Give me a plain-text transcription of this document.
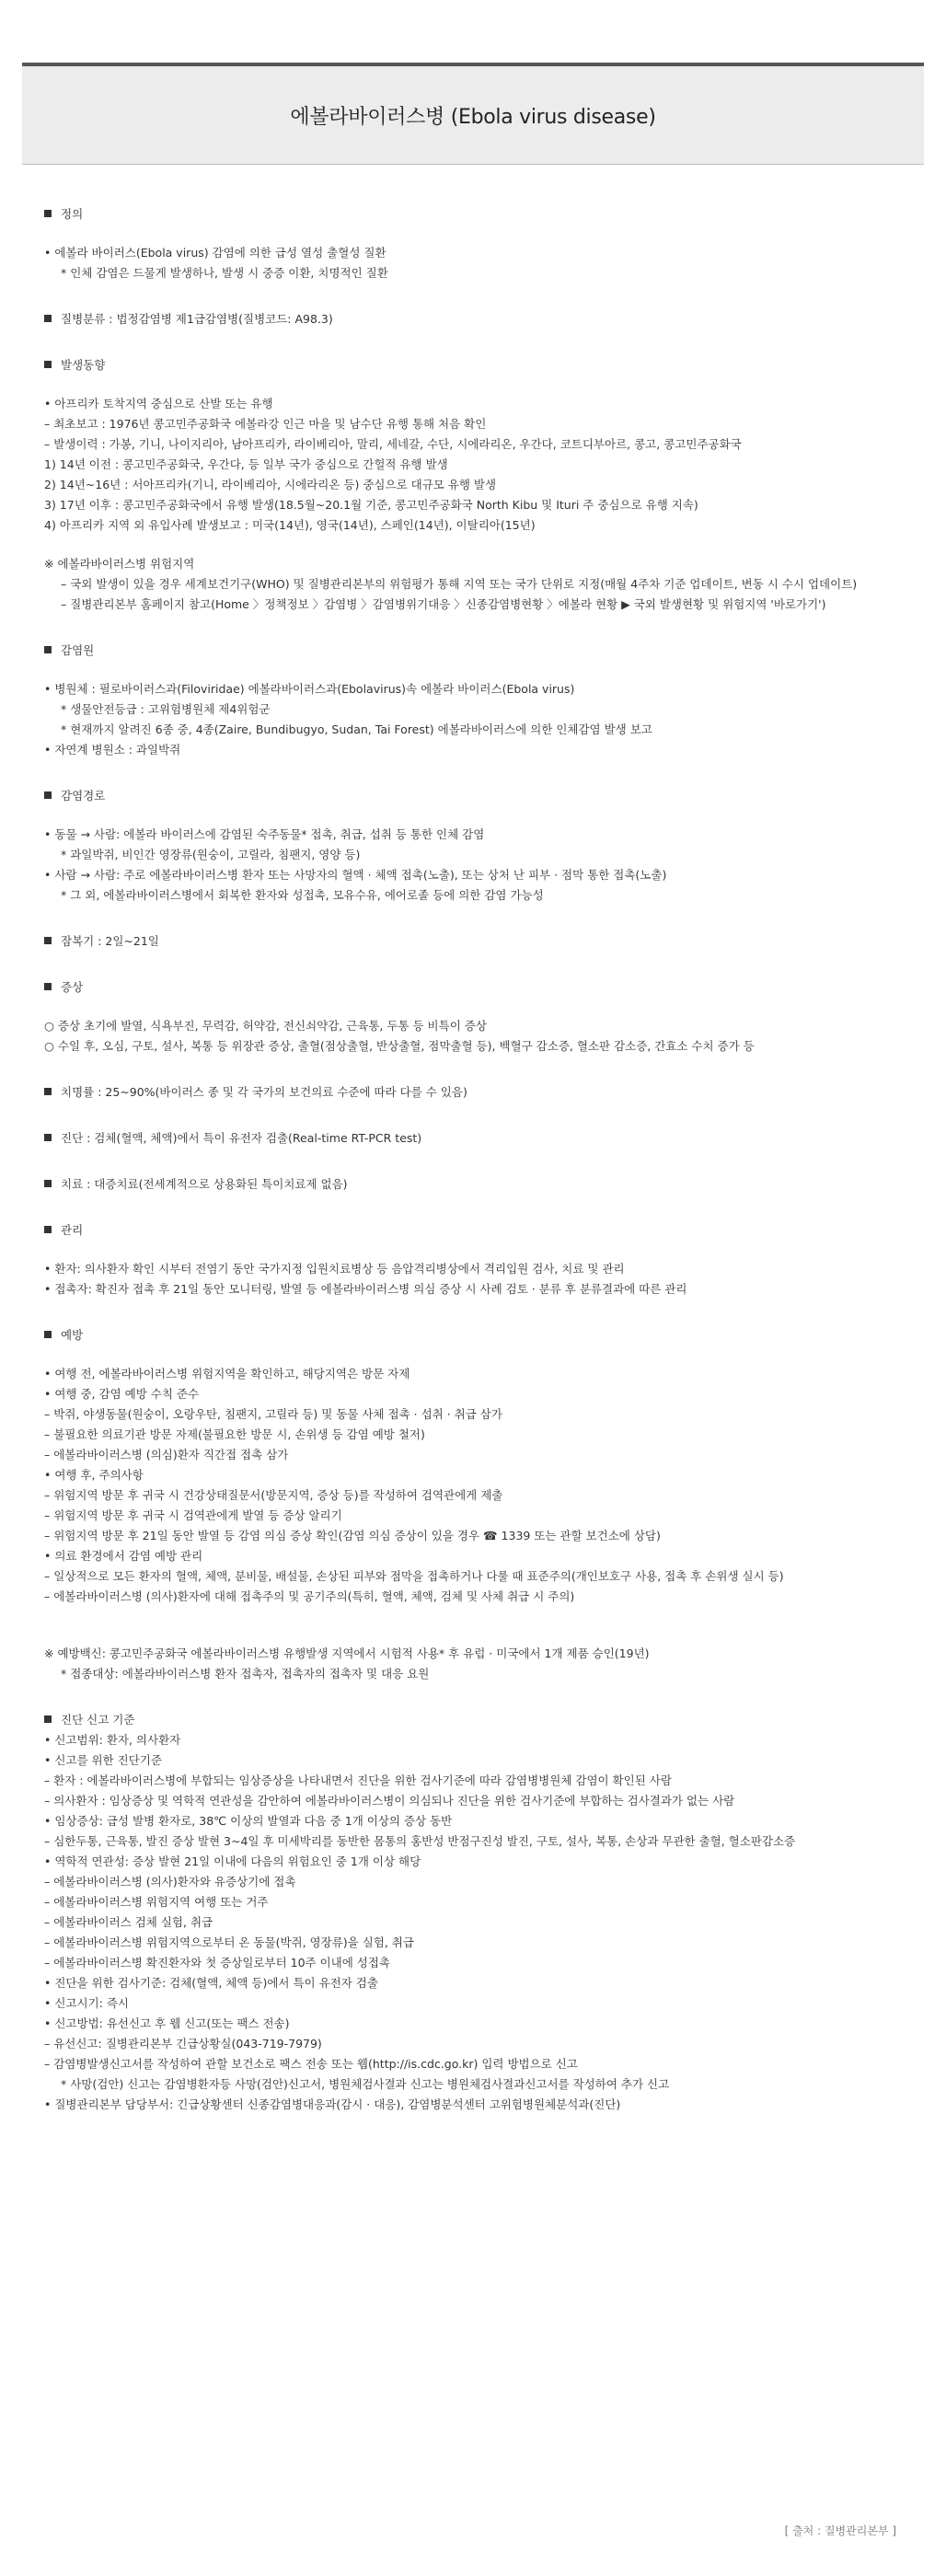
에볼라바이러스병 (Ebola virus disease)
정의
• 에볼라 바이러스(Ebola virus) 감염에 의한 급성 열성 출혈성 질환
* 인체 감염은 드물게 발생하나, 발생 시 중증 이환, 치명적인 질환
질병분류 : 법정감염병 제1급감염병(질병코드: A98.3)
발생동향
• 아프리카 토착지역 중심으로 산발 또는 유행
– 최초보고 : 1976년 콩고민주공화국 에볼라강 인근 마을 및 남수단 유행 통해 처음 확인
– 발생이력 : 가봉, 기니, 나이지리아, 남아프리카, 라이베리아, 말리, 세네갈, 수단, 시에라리온, 우간다, 코트디부아르, 콩고, 콩고민주공화국
1) 14년 이전 : 콩고민주공화국, 우간다, 등 일부 국가 중심으로 간헐적 유행 발생
2) 14년~16년 : 서아프리카(기니, 라이베리아, 시에라리온 등) 중심으로 대규모 유행 발생
3) 17년 이후 : 콩고민주공화국에서 유행 발생(18.5월~20.1월 기준, 콩고민주공화국 North Kibu 및 Ituri 주 중심으로 유행 지속)
4) 아프리카 지역 외 유입사례 발생보고 : 미국(14년), 영국(14년), 스페인(14년), 이탈리아(15년)
※ 에볼라바이러스병 위험지역
– 국외 발생이 있을 경우 세계보건기구(WHO) 및 질병관리본부의 위험평가 통해 지역 또는 국가 단위로 지정(매월 4주차 기준 업데이트, 변동 시 수시 업데이트)
– 질병관리본부 홈페이지 참고(Home 〉정책정보 〉감염병 〉감염병위기대응 〉신종감염병현황 〉에볼라 현황 ▶ 국외 발생현황 및 위험지역 '바로가기')
감염원
• 병원체 : 필로바이러스과(Filoviridae) 에볼라바이러스과(Ebolavirus)속 에볼라 바이러스(Ebola virus)
* 생물안전등급 : 고위험병원체 제4위험군
* 현재까지 알려진 6종 중, 4종(Zaire, Bundibugyo, Sudan, Tai Forest) 에볼라바이러스에 의한 인체감염 발생 보고
• 자연계 병원소 : 과일박쥐
감염경로
• 동물 → 사람: 에볼라 바이러스에 감염된 숙주동물* 접촉, 취급, 섭취 등 통한 인체 감염
* 과일박쥐, 비인간 영장류(원숭이, 고릴라, 침팬지, 영양 등)
• 사람 → 사람: 주로 에볼라바이러스병 환자 또는 사망자의 혈액 · 체액 접촉(노출), 또는 상처 난 피부 · 점막 통한 접촉(노출)
* 그 외, 에볼라바이러스병에서 회복한 환자와 성접촉, 모유수유, 에어로졸 등에 의한 감염 가능성
잠복기 : 2일~21일
증상
○ 증상 초기에 발열, 식욕부진, 무력감, 허약감, 전신쇠약감, 근육통, 두통 등 비특이 증상
○ 수일 후, 오심, 구토, 설사, 복통 등 위장관 증상, 출혈(점상출혈, 반상출혈, 점막출혈 등), 백혈구 감소증, 혈소판 감소증, 간효소 수치 증가 등
치명률 : 25~90%(바이러스 종 및 각 국가의 보건의료 수준에 따라 다를 수 있음)
진단 : 검체(혈액, 체액)에서 특이 유전자 검출(Real-time RT-PCR test)
치료 : 대증치료(전세계적으로 상용화된 특이치료제 없음)
관리
• 환자: 의사환자 확인 시부터 전염기 동안 국가지정 입원치료병상 등 음압격리병상에서 격리입원 검사, 치료 및 관리
• 접촉자: 확진자 접촉 후 21일 동안 모니터링, 발열 등 에볼라바이러스병 의심 증상 시 사례 검토 · 분류 후 분류결과에 따른 관리
예방
• 여행 전, 에볼라바이러스병 위험지역을 확인하고, 해당지역은 방문 자제
• 여행 중, 감염 예방 수칙 준수
– 박쥐, 야생동물(원숭이, 오랑우탄, 침팬지, 고릴라 등) 및 동물 사체 접촉 · 섭취 · 취급 삼가
– 불필요한 의료기관 방문 자제(불필요한 방문 시, 손위생 등 감염 예방 철저)
– 에볼라바이러스병 (의심)환자 직간접 접촉 삼가
• 여행 후, 주의사항
– 위험지역 방문 후 귀국 시 건강상태질문서(방문지역, 증상 등)를 작성하여 검역관에게 제출
– 위험지역 방문 후 귀국 시 검역관에게 발열 등 증상 알리기
– 위험지역 방문 후 21일 동안 발열 등 감염 의심 증상 확인(감염 의심 증상이 있을 경우 ☎ 1339 또는 관할 보건소에 상담)
• 의료 환경에서 감염 예방 관리
– 일상적으로 모든 환자의 혈액, 체액, 분비물, 배설물, 손상된 피부와 점막을 접촉하거나 다룰 때 표준주의(개인보호구 사용, 접촉 후 손위생 실시 등)
– 에볼라바이러스병 (의사)환자에 대해 접촉주의 및 공기주의(특히, 혈액, 체액, 검체 및 사체 취급 시 주의)
※ 예방백신: 콩고민주공화국 에볼라바이러스병 유행발생 지역에서 시험적 사용* 후 유럽 · 미국에서 1개 제품 승인(19년)
* 접종대상: 에볼라바이러스병 환자 접촉자, 접촉자의 접촉자 및 대응 요원
진단 신고 기준
• 신고범위: 환자, 의사환자
• 신고를 위한 진단기준
– 환자 : 에볼라바이러스병에 부합되는 임상증상을 나타내면서 진단을 위한 검사기준에 따라 감염병병원체 감염이 확인된 사람
– 의사환자 : 임상증상 및 역학적 연관성을 감안하여 에볼라바이러스병이 의심되나 진단을 위한 검사기준에 부합하는 검사결과가 없는 사람
• 임상증상: 급성 발병 환자로, 38℃ 이상의 발열과 다음 중 1개 이상의 증상 동반
– 심한두통, 근육통, 발진 증상 발현 3~4일 후 미세박리를 동반한 몸통의 홍반성 반점구진성 발진, 구토, 설사, 복통, 손상과 무관한 출혈, 혈소판감소증
• 역학적 연관성: 증상 발현 21일 이내에 다음의 위험요인 중 1개 이상 해당
– 에볼라바이러스병 (의사)환자와 유증상기에 접촉
– 에볼라바이러스병 위험지역 여행 또는 거주
– 에볼라바이러스 검체 실험, 취급
– 에볼라바이러스병 위험지역으로부터 온 동물(박쥐, 영장류)을 실험, 취급
– 에볼라바이러스병 확진환자와 첫 증상일로부터 10주 이내에 성접촉
• 진단을 위한 검사기준: 검체(혈액, 체액 등)에서 특이 유전자 검출
• 신고시기: 즉시
• 신고방법: 유선신고 후 웹 신고(또는 팩스 전송)
– 유선신고: 질병관리본부 긴급상황실(043-719-7979)
– 감염병발생신고서를 작성하여 관할 보건소로 팩스 전송 또는 웹(http://is.cdc.go.kr) 입력 방법으로 신고
* 사망(검안) 신고는 감염병환자등 사망(검안)신고서, 병원체검사결과 신고는 병원체검사결과신고서를 작성하여 추가 신고
• 질병관리본부 담당부서: 긴급상황센터 신종감염병대응과(감시 · 대응), 감염병분석센터 고위험병원체분석과(진단)
[ 출처 : 질병관리본부 ]
